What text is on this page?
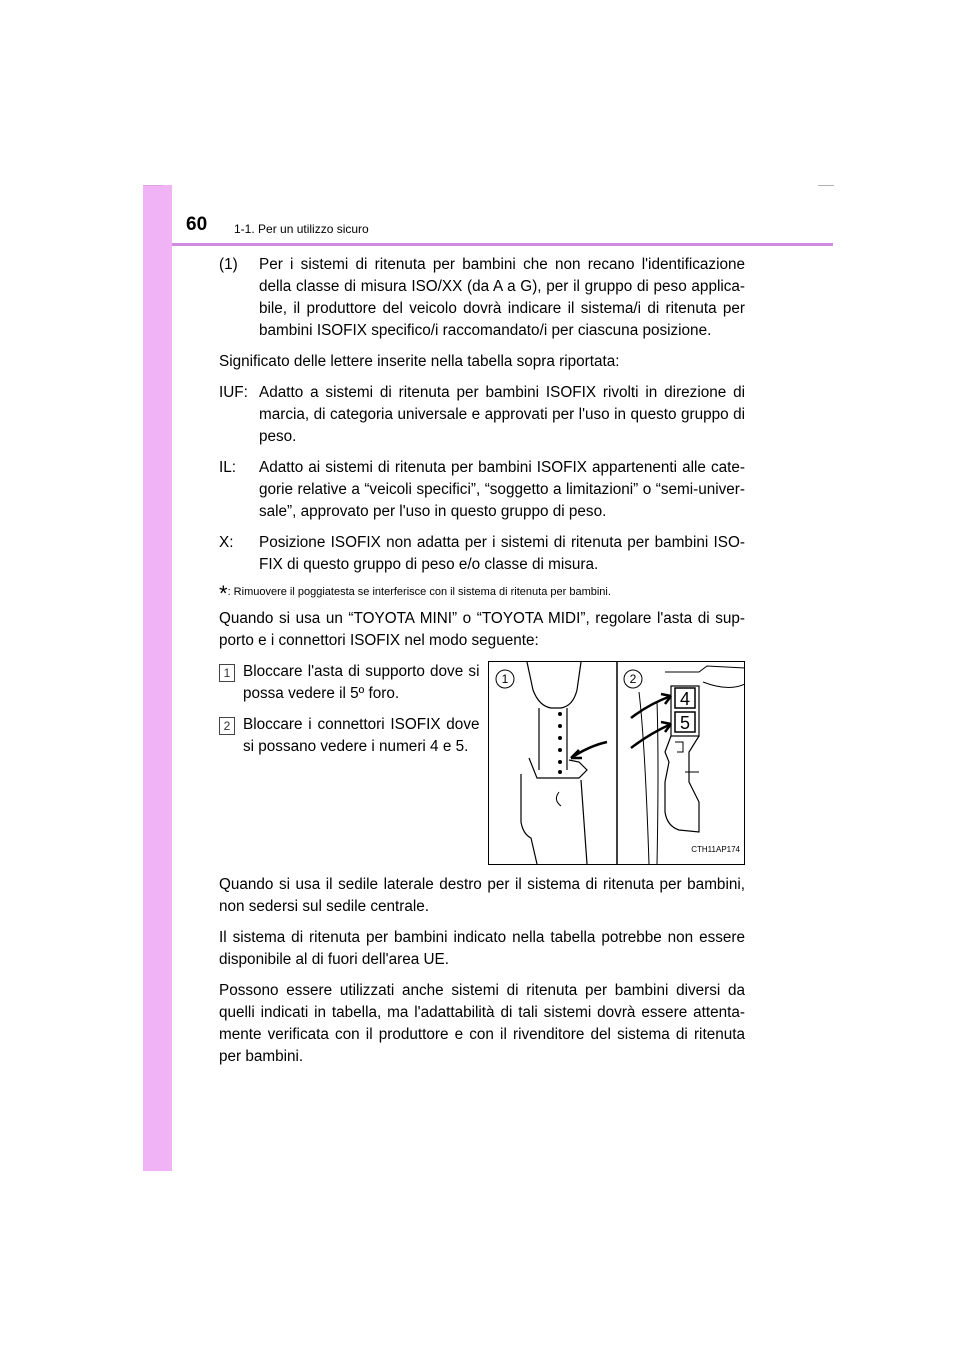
60 1-1. Per un utilizzo sicuro
(1)	Per i sistemi di ritenuta per bambini che non recano l'identificazione della classe di misura ISO/XX (da A a G), per il gruppo di peso applica-bile, il produttore del veicolo dovrà indicare il sistema/i di ritenuta per bambini ISOFIX specifico/i raccomandato/i per ciascuna posizione.

Significato delle lettere inserite nella tabella sopra riportata:

IUF: Adatto a sistemi di ritenuta per bambini ISOFIX rivolti in direzione di marcia, di categoria universale e approvati per l'uso in questo gruppo di peso.
IL:	Adatto ai sistemi di ritenuta per bambini ISOFIX appartenenti alle cate-gorie relative a “veicoli specifici”, “soggetto a limitazioni” o “semi-univer-sale”, approvato per l'uso in questo gruppo di peso.
X:	Posizione ISOFIX non adatta per i sistemi di ritenuta per bambini ISO-FIX di questo gruppo di peso e/o classe di misura.
*: Rimuovere il poggiatesta se interferisce con il sistema di ritenuta per bambini.

Quando si usa un “TOYOTA MINI” o “TOYOTA MIDI”, regolare l'asta di sup-porto e i connettori ISOFIX nel modo seguente:

1 Bloccare l'asta di supporto dove si possa vedere il 5º foro.
2 Bloccare i connettori ISOFIX dove si possano vedere i numeri 4 e 5.
1	2
4
5
CTH11AP174

Quando si usa il sedile laterale destro per il sistema di ritenuta per bambini, non sedersi sul sedile centrale.

Il sistema di ritenuta per bambini indicato nella tabella potrebbe non essere disponibile al di fuori dell'area UE.

Possono essere utilizzati anche sistemi di ritenuta per bambini diversi da quelli indicati in tabella, ma l'adattabilità di tali sistemi dovrà essere attenta-mente verificata con il produttore e con il rivenditore del sistema di ritenuta per bambini.
